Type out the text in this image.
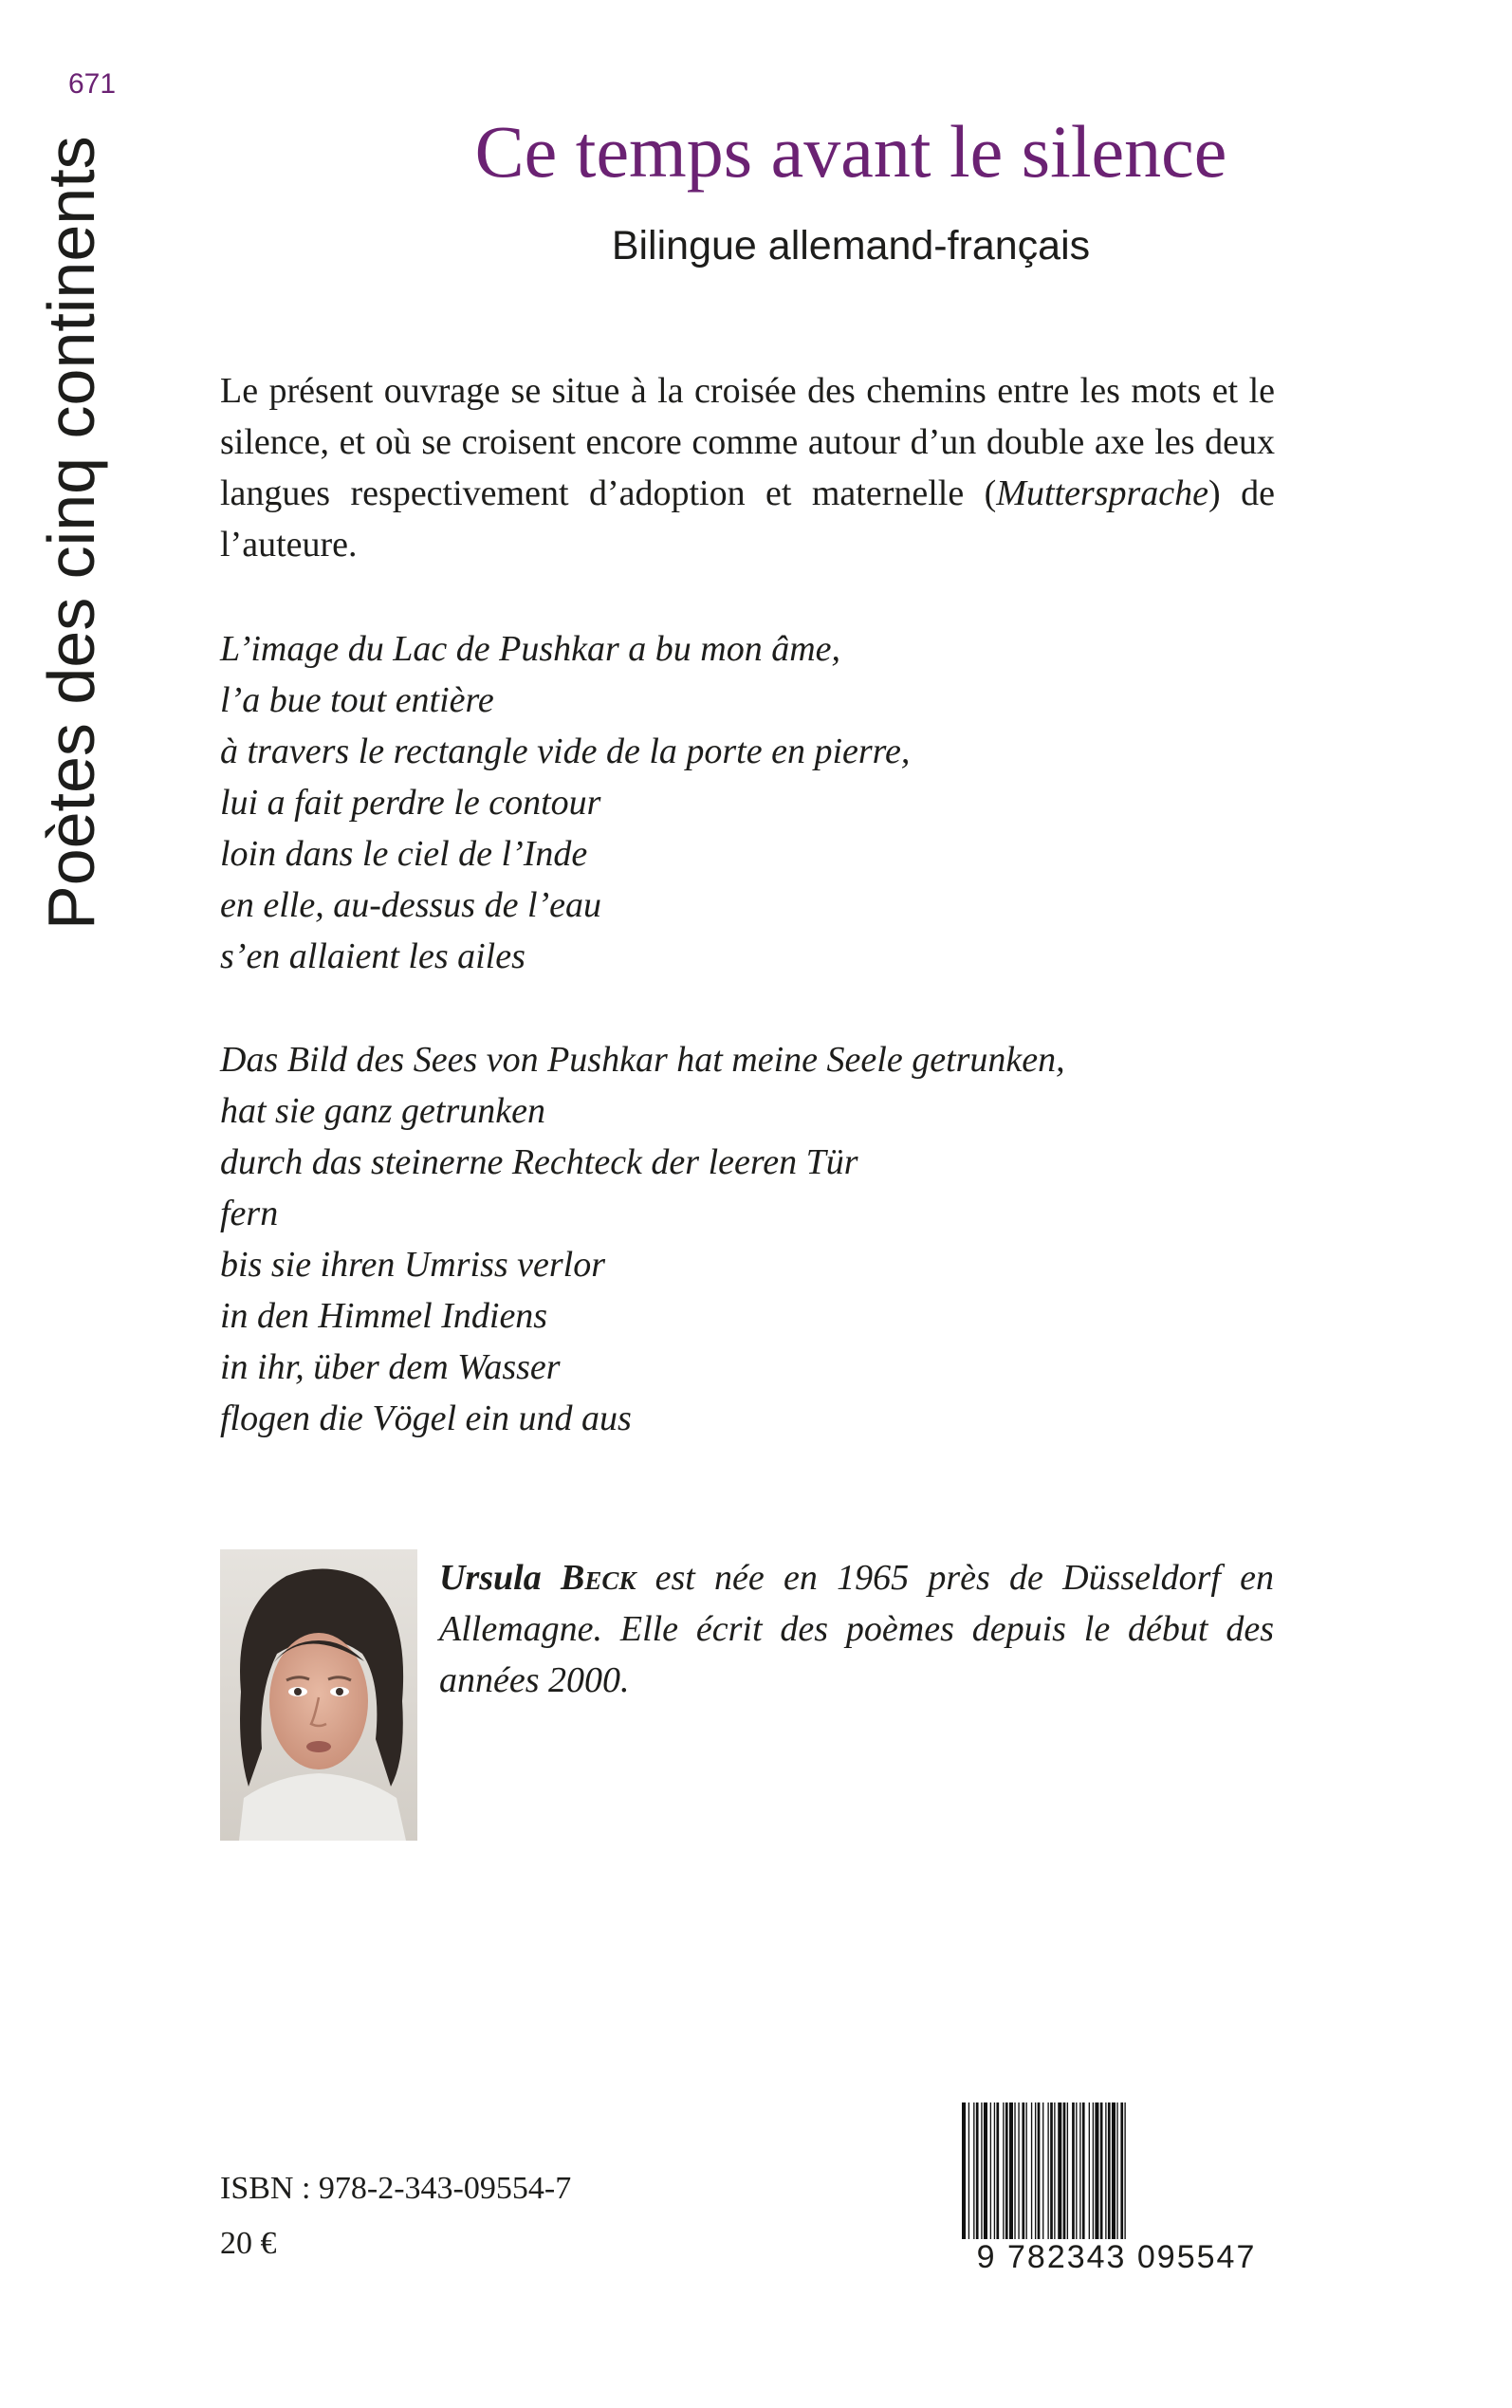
671
Poètes des cinq continents	Ce temps avant le silence
Bilingue allemand-français
Le présent ouvrage se situe à la croisée des chemins entre les mots et le silence, et où se croisent encore comme autour d’un double axe les deux langues respectivement d’adoption et maternelle (Muttersprache) de l’auteure.
L’image du Lac de Pushkar a bu mon âme,
l’a bue tout entière
à travers le rectangle vide de la porte en pierre,
lui a fait perdre le contour
loin dans le ciel de l’Inde
en elle, au-dessus de l’eau
s’en allaient les ailes
Das Bild des Sees von Pushkar hat meine Seele getrunken,
hat sie ganz getrunken
durch das steinerne Rechteck der leeren Tür
fern
bis sie ihren Umriss verlor
in den Himmel Indiens
in ihr, über dem Wasser
flogen die Vögel ein und aus
Ursula Beck est née en 1965 près de Düsseldorf en Allemagne. Elle écrit des poèmes depuis le début des années 2000.
ISBN : 978-2-343-09554-7
20 €	9 782343 095547
